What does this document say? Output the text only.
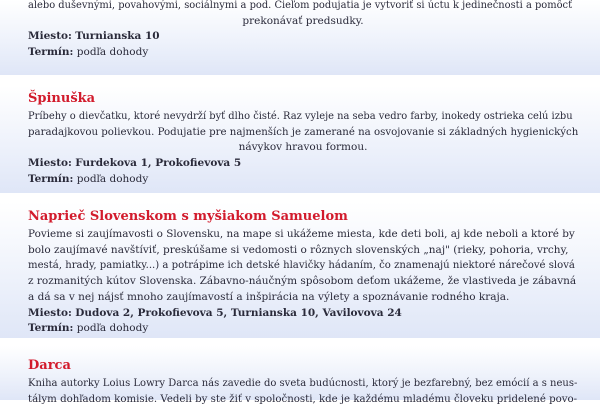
alebo duševnými, povahovými, sociálnymi a pod. Cieľom podujatia je vytvoriť si úctu k jedinečnosti a pomôcť
prekonávať predsudky.

Miesto: Turnianska 10

Termín: podľa dohody

Špinuška

Príbehy o dievčatku, ktoré nevydrží byť dlho čisté. Raz vyleje na seba vedro farby, inokedy ostrieka celú izbu
paradajkovou polievkou. Podujatie pre najmenších je zamerané na osvojovanie si základných hygienických
návykov hravou formou.

Miesto: Furdekova 1, Prokofievova 5

Termín: podľa dohody

Naprieč Slovenskom s myšiakom Samuelom

Povieme si zaujímavosti o Slovensku, na mape si ukážeme miesta, kde deti boli, aj kde neboli a ktoré by
bolo zaujímavé navštíviť, preskúšame si vedomosti o rôznych slovenských „naj" (rieky, pohoria, vrchy,
mestá, hrady, pamiatky...) a potrápime ich detské hlavičky hádaním, čo znamenajú niektoré nárečové slová
z rozmanitých kútov Slovenska. Zábavno-náučným spôsobom deťom ukážeme, že vlastiveda je zábavná
a dá sa v nej nájsť mnoho zaujímavostí a inšpirácia na výlety a spoznávanie rodného kraja.

Miesto: Dudova 2, Prokofievova 5, Turnianska 10, Vavilovova 24

Termín: podľa dohody

Darca

Kniha autorky Loius Lowry Darca nás zavedie do sveta budúcnosti, ktorý je bezfarebný, bez emócií a s neus-
tálym dohľadom komisie. Vedeli by ste žiť v spoločnosti, kde je každému mladému človeku pridelené povo-
